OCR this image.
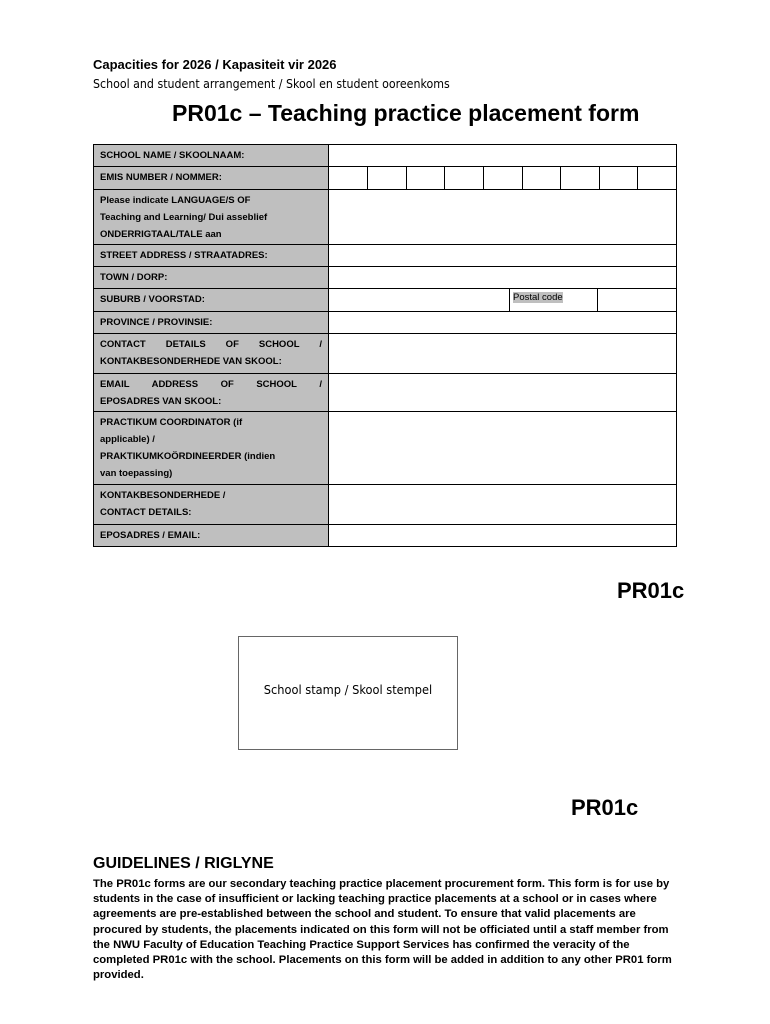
Capacities for 2026 / Kapasiteit vir 2026
School and student arrangement / Skool en student ooreenkoms
PR01c – Teaching practice placement form
SCHOOL NAME / SKOOLNAAM:	
EMIS NUMBER / NOMMER:	

Please indicate LANGUAGE/S OF
Teaching and Learning/ Dui asseblief
ONDERRIGTAAL/TALE aan	

STREET ADDRESS / STRAATADRES:	
TOWN / DORP:	
SUBURB / VOORSTAD:	Postal code

PROVINCE / PROVINSIE:	

CONTACT DETAILS OF SCHOOL /
KONTAKBESONDERHEDE VAN SKOOL:	

EMAIL ADDRESS OF SCHOOL /
EPOSADRES VAN SKOOL:	

PRACTIKUM COORDINATOR (if
applicable) /
PRAKTIKUMKOÖRDINEERDER (indien
van toepassing)	

KONTAKBESONDERHEDE /
CONTACT DETAILS:	

EPOSADRES / EMAIL:	
PR01c
School stamp / Skool stempel
PR01c
GUIDELINES / RIGLYNE
The PR01c forms are our secondary teaching practice placement procurement form. This form is for use by students in the case of insufficient or lacking teaching practice placements at a school or in cases where agreements are pre-established between the school and student. To ensure that valid placements are procured by students, the placements indicated on this form will not be officiated until a staff member from the NWU Faculty of Education Teaching Practice Support Services has confirmed the veracity of the completed PR01c with the school. Placements on this form will be added in addition to any other PR01 form provided.
